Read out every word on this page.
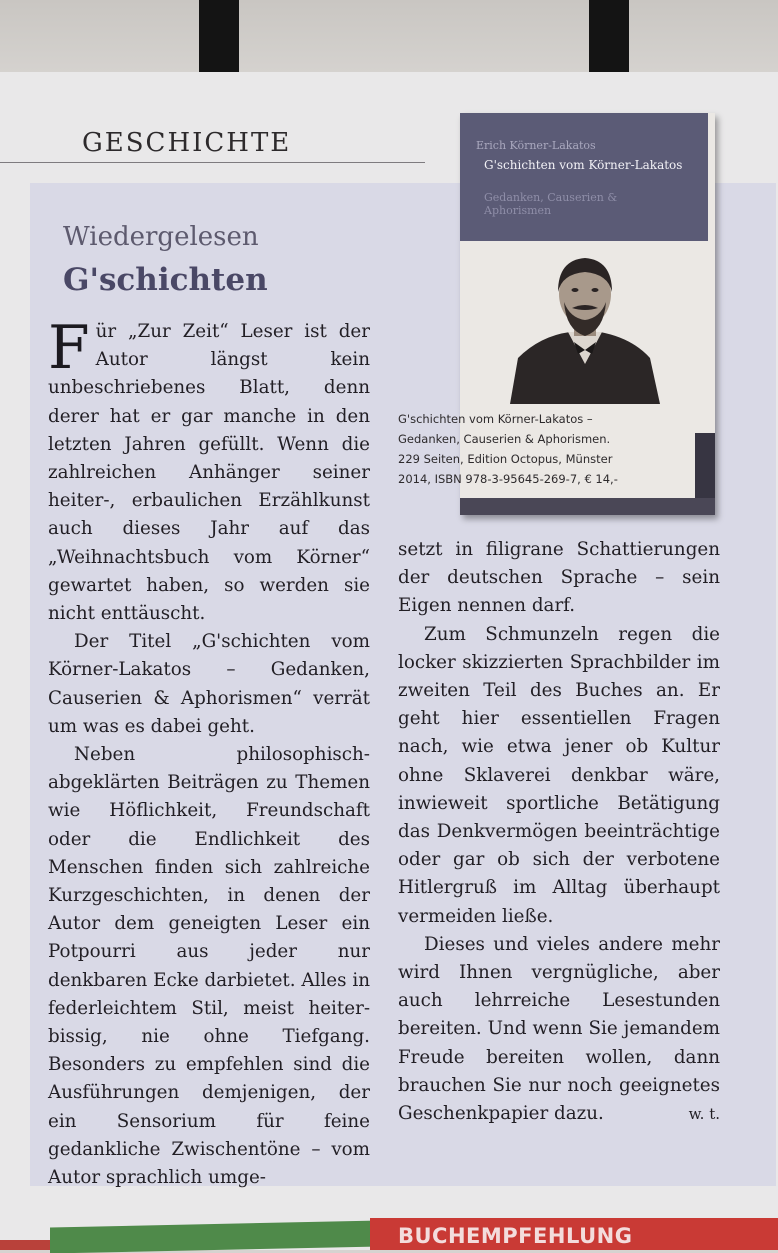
GESCHICHTE
Wiedergelesen
G'schichten
Erich Körner-Lakatos
G'schichten vom Körner-Lakatos
Gedanken, Causerien & Aphorismen
G'schichten vom Körner-Lakatos –
Gedanken, Causerien & Aphorismen.
229 Seiten, Edition Octopus, Münster
2014, ISBN 978-3-95645-269-7, € 14,-

Für „Zur Zeit“ Leser ist der Autor längst kein unbeschriebenes Blatt, denn derer hat er gar manche in den letzten Jahren gefüllt. Wenn die zahlreichen Anhänger seiner heiter-, erbaulichen Erzählkunst auch dieses Jahr auf das „Weihnachtsbuch vom Körner“ gewartet haben, so werden sie nicht enttäuscht.

Der Titel „G'schichten vom Körner-Lakatos – Gedanken, Causerien & Aphorismen“ verrät um was es dabei geht.

Neben philosophisch-abgeklärten Beiträgen zu Themen wie Höflichkeit, Freundschaft oder die Endlichkeit des Menschen finden sich zahlreiche Kurzgeschichten, in denen der Autor dem geneigten Leser ein Potpourri aus jeder nur denkbaren Ecke darbietet. Alles in federleichtem Stil, meist heiter-bissig, nie ohne Tiefgang. Besonders zu empfehlen sind die Ausführungen demjenigen, der ein Sensorium für feine gedankliche Zwischentöne – vom Autor sprachlich umge-

setzt in filigrane Schattierungen der deutschen Sprache – sein Eigen nennen darf.

Zum Schmunzeln regen die locker skizzierten Sprachbilder im zweiten Teil des Buches an. Er geht hier essentiellen Fragen nach, wie etwa jener ob Kultur ohne Sklaverei denkbar wäre, inwieweit sportliche Betätigung das Denkvermögen beeinträchtige oder gar ob sich der verbotene Hitlergruß im Alltag überhaupt vermeiden ließe.

Dieses und vieles andere mehr wird Ihnen vergnügliche, aber auch lehrreiche Lesestunden bereiten. Und wenn Sie jemandem Freude bereiten wollen, dann brauchen Sie nur noch geeignetes Geschenkpapier dazu.	w. t.

BUCHEMPFEHLUNG
